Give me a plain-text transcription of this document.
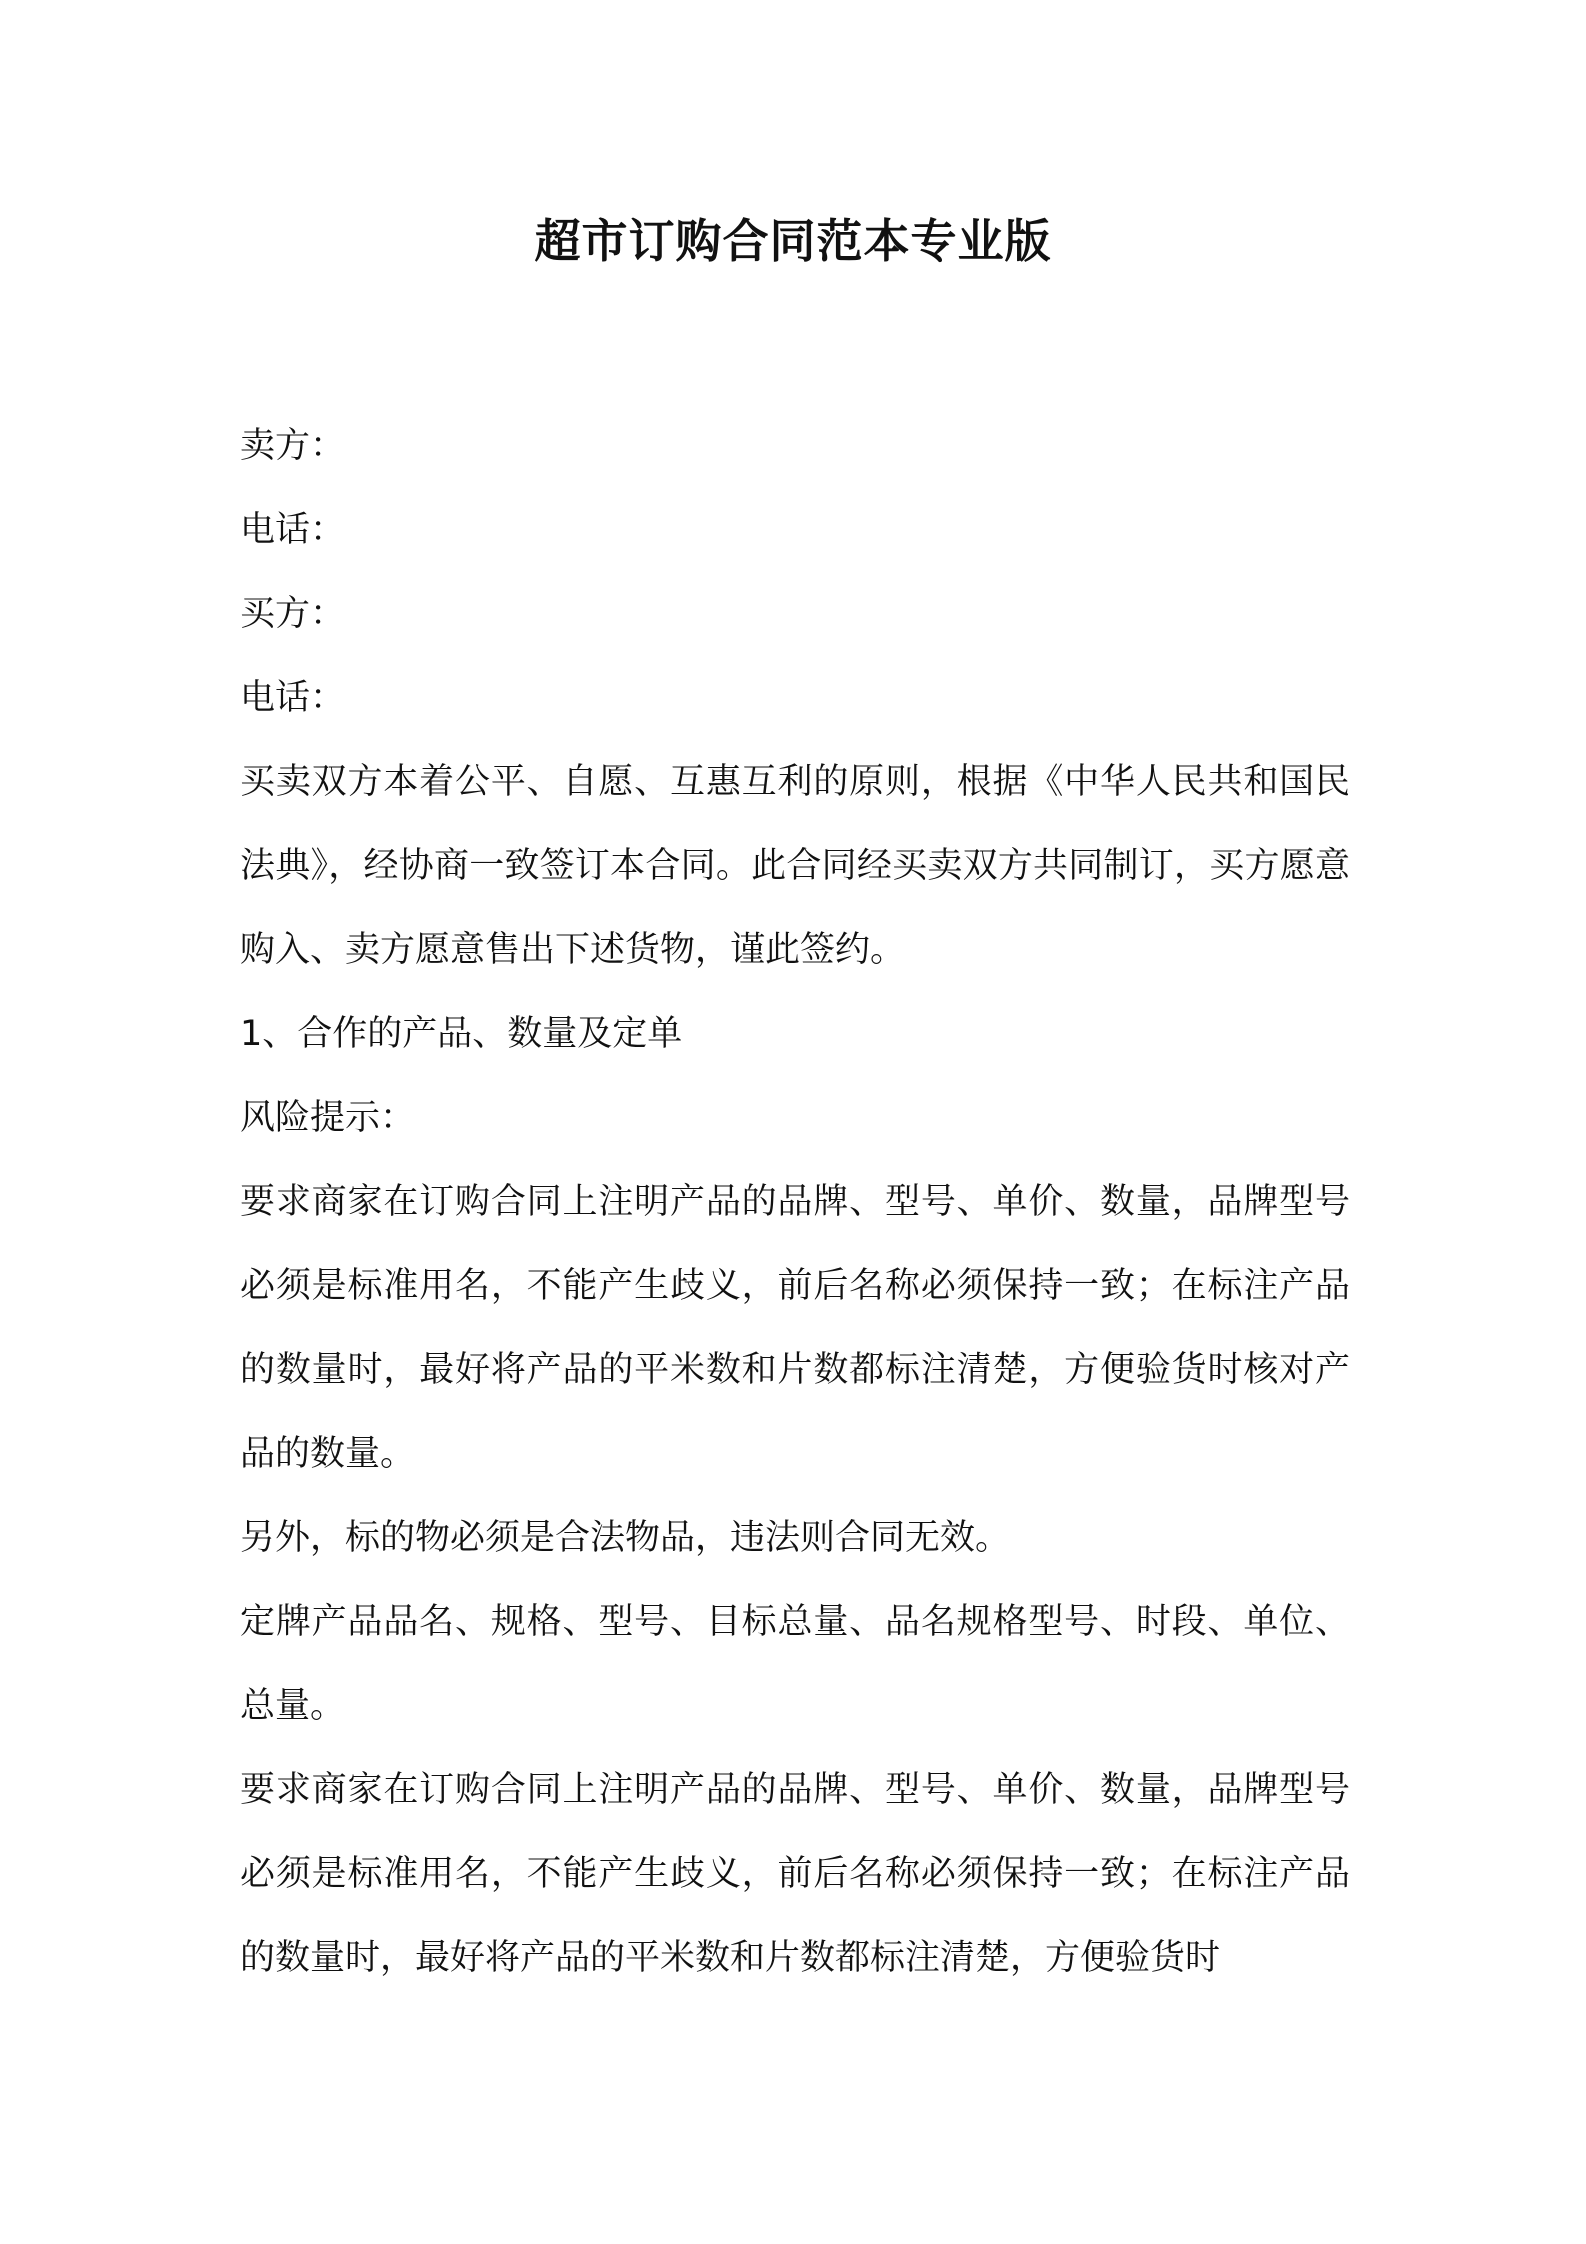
超市订购合同范本专业版

卖方：

电话：

买方：

电话：

买卖双方本着公平、自愿、互惠互利的原则，根据《中华人民共和国民法典》，经协商一致签订本合同。此合同经买卖双方共同制订，买方愿意购入、卖方愿意售出下述货物，谨此签约。

1、合作的产品、数量及定单

风险提示：

要求商家在订购合同上注明产品的品牌、型号、单价、数量，品牌型号必须是标准用名，不能产生歧义，前后名称必须保持一致；在标注产品的数量时，最好将产品的平米数和片数都标注清楚，方便验货时核对产品的数量。

另外，标的物必须是合法物品，违法则合同无效。

定牌产品品名、规格、型号、目标总量、品名规格型号、时段、单位、总量。

要求商家在订购合同上注明产品的品牌、型号、单价、数量，品牌型号必须是标准用名，不能产生歧义，前后名称必须保持一致；在标注产品的数量时，最好将产品的平米数和片数都标注清楚，方便验货时
